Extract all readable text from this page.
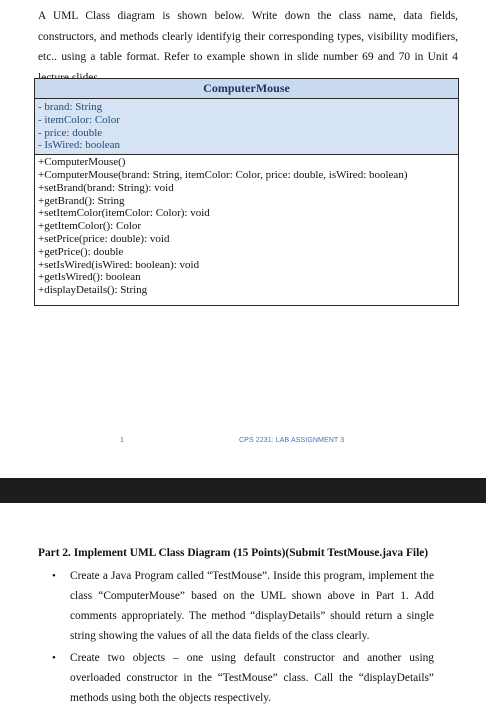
A UML Class diagram is shown below. Write down the class name, data fields, constructors, and methods clearly identifyig their corresponding types, visibility modifiers, etc.. using a table format. Refer to example shown in slide number 69 and 70 in Unit 4

ComputerMouse
- brand: String
- itemColor: Color
- price: double
- IsWired: boolean
+ComputerMouse()
+ComputerMouse(brand: String, itemColor: Color, price: double, isWired: boolean)
+setBrand(brand: String): void
+getBrand(): String
+setItemColor(itemColor: Color): void
+getItemColor(): Color
+setPrice(price: double): void
+getPrice(): double
+setIsWired(isWired: boolean): void
+getIsWired(): boolean
+displayDetails(): String
1	CPS 2231: LAB ASSIGNMENT 3

Part 2. Implement UML Class Diagram (15 Points)(Submit TestMouse.java File)

• Create a Java Program called “TestMouse”. Inside this program, implement the class “ComputerMouse” based on the UML shown above in Part 1. Add comments appropriately. The method “displayDetails” should return a single string showing the values of all the data fields of the class clearly.
• Create two objects – one using default constructor and another using overloaded constructor in the “TestMouse” class. Call the “displayDetails” methods using both the objects respectively.
